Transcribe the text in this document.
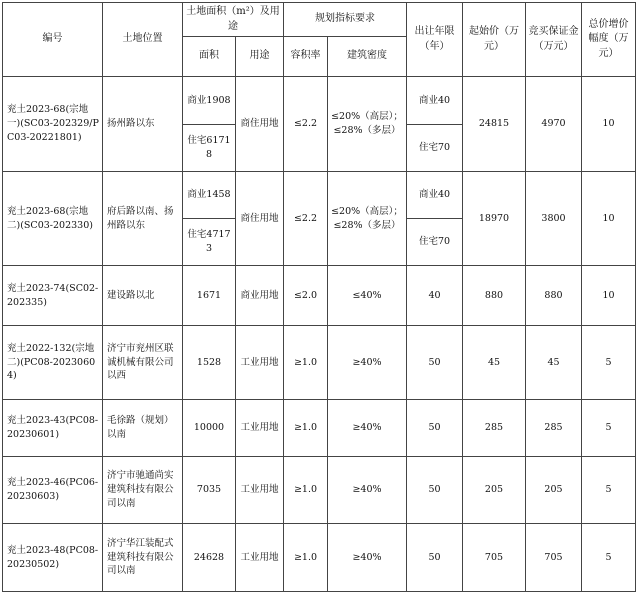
编号	土地位置	土地面积（m²）及用途		规划指标要求		出让年限（年）	起始价（万元）	竞买保证金（万元）	总价增价幅度（万元）
		面积	用途	容积率	建筑密度				
兖土2023-68(宗地一)(SC03-202329/PC03-20221801)	扬州路以东	商业1908	商住用地	≤2.2	≤20%（高层）；≤28%（多层）	商业40	24815	4970	10
		住宅61718				住宅70			
兖土2023-68(宗地二)(SC03-202330)	府后路以南、扬州路以东	商业1458	商住用地	≤2.2	≤20%（高层）；≤28%（多层）	商业40	18970	3800	10
		住宅47173				住宅70			
兖土2023-74(SC02-202335)	建设路以北	1671	商业用地	≤2.0	≤40%	40	880	880	10
兖土2022-132(宗地二)(PC08-20230604)	济宁市兖州区联诚机械有限公司以西	1528	工业用地	≥1.0	≥40%	50	45	45	5
兖土2023-43(PC08-20230601)	毛徐路（规划）以南	10000	工业用地	≥1.0	≥40%	50	285	285	5
兖土2023-46(PC06-20230603)	济宁市驰通尚实建筑科技有限公司以南	7035	工业用地	≥1.0	≥40%	50	205	205	5
兖土2023-48(PC08-20230502)	济宁华江装配式建筑科技有限公司以南	24628	工业用地	≥1.0	≥40%	50	705	705	5
